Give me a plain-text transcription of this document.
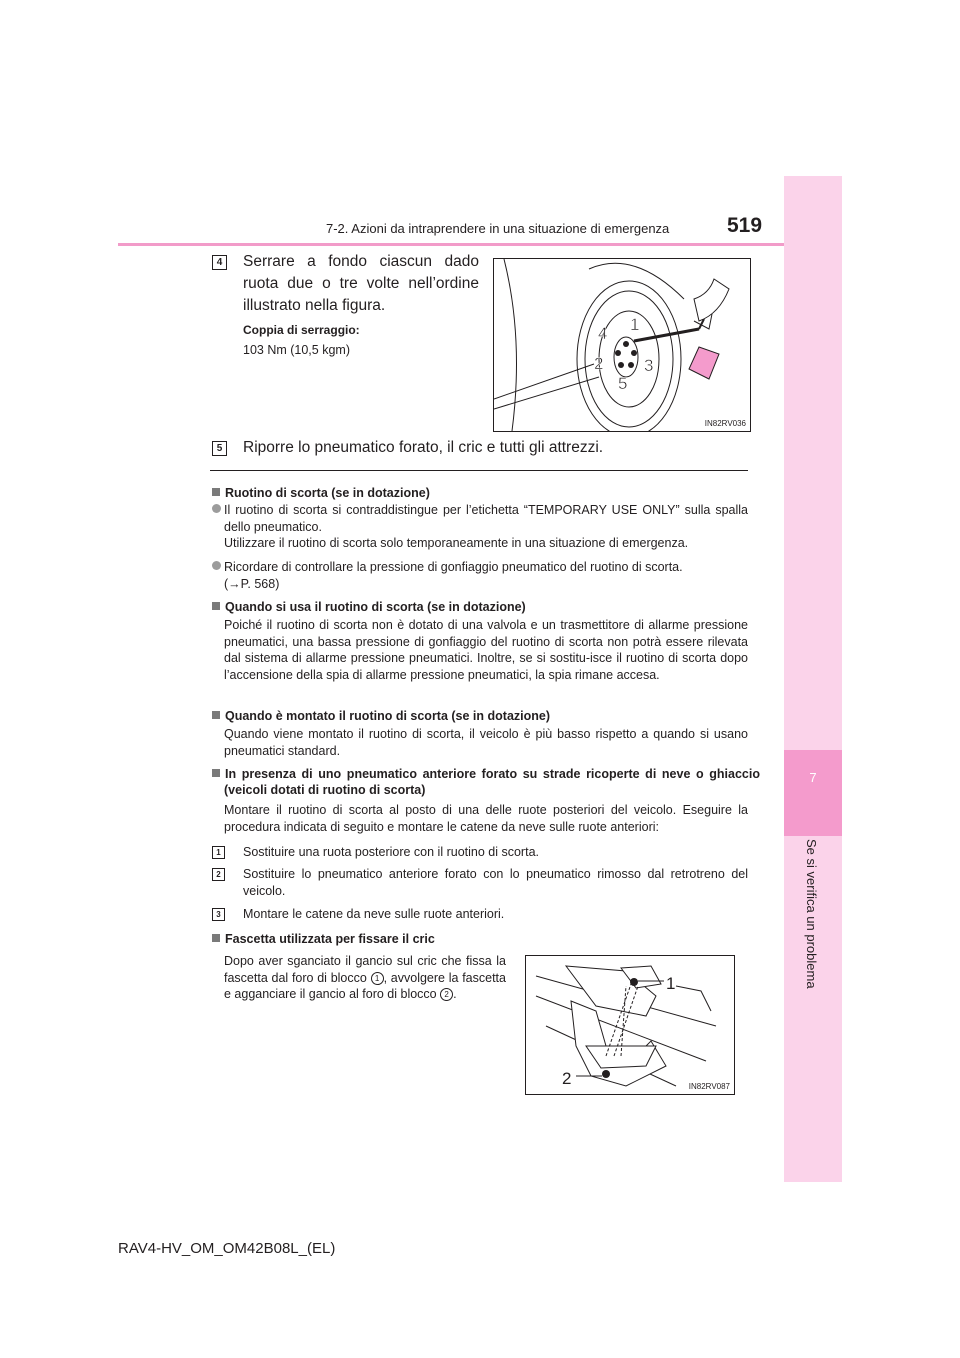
7
Se si verifica un problema
7-2. Azioni da intraprendere in una situazione di emergenza	519
4	Serrare a fondo ciascun dado ruota due o tre volte nell’ordine illustrato nella figura.
Coppia di serraggio:
103 Nm (10,5 kgm)
4 1
2 3
5
IN82RV036
5	Riporre lo pneumatico forato, il cric e tutti gli attrezzi.
Ruotino di scorta (se in dotazione)
Il ruotino di scorta si contraddistingue per l’etichetta “TEMPORARY USE ONLY” sulla spalla dello pneumatico.
Utilizzare il ruotino di scorta solo temporaneamente in una situazione di emergenza.
Ricordare di controllare la pressione di gonfiaggio pneumatico del ruotino di scorta.
(→P. 568)
Quando si usa il ruotino di scorta (se in dotazione)
Poiché il ruotino di scorta non è dotato di una valvola e un trasmettitore di allarme pressione pneumatici, una bassa pressione di gonfiaggio del ruotino di scorta non potrà essere rilevata dal sistema di allarme pressione pneumatici. Inoltre, se si sostitu-isce il ruotino di scorta dopo l’accensione della spia di allarme pressione pneumatici, la spia rimane accesa.
Quando è montato il ruotino di scorta (se in dotazione)
Quando viene montato il ruotino di scorta, il veicolo è più basso rispetto a quando si usano pneumatici standard.
In presenza di uno pneumatico anteriore forato su strade ricoperte di neve o ghiaccio (veicoli dotati di ruotino di scorta)
Montare il ruotino di scorta al posto di una delle ruote posteriori del veicolo. Eseguire la procedura indicata di seguito e montare le catene da neve sulle ruote anteriori:
1	Sostituire una ruota posteriore con il ruotino di scorta.
2	Sostituire lo pneumatico anteriore forato con lo pneumatico rimosso dal retrotreno del veicolo.
3	Montare le catene da neve sulle ruote anteriori.
Fascetta utilizzata per fissare il cric
Dopo aver sganciato il gancio sul cric che fissa la fascetta dal foro di blocco 1 , avvolgere la fascetta e agganciare il gancio al foro di blocco 2 .
1
2	IN82RV087
RAV4-HV_OM_OM42B08L_(EL)
